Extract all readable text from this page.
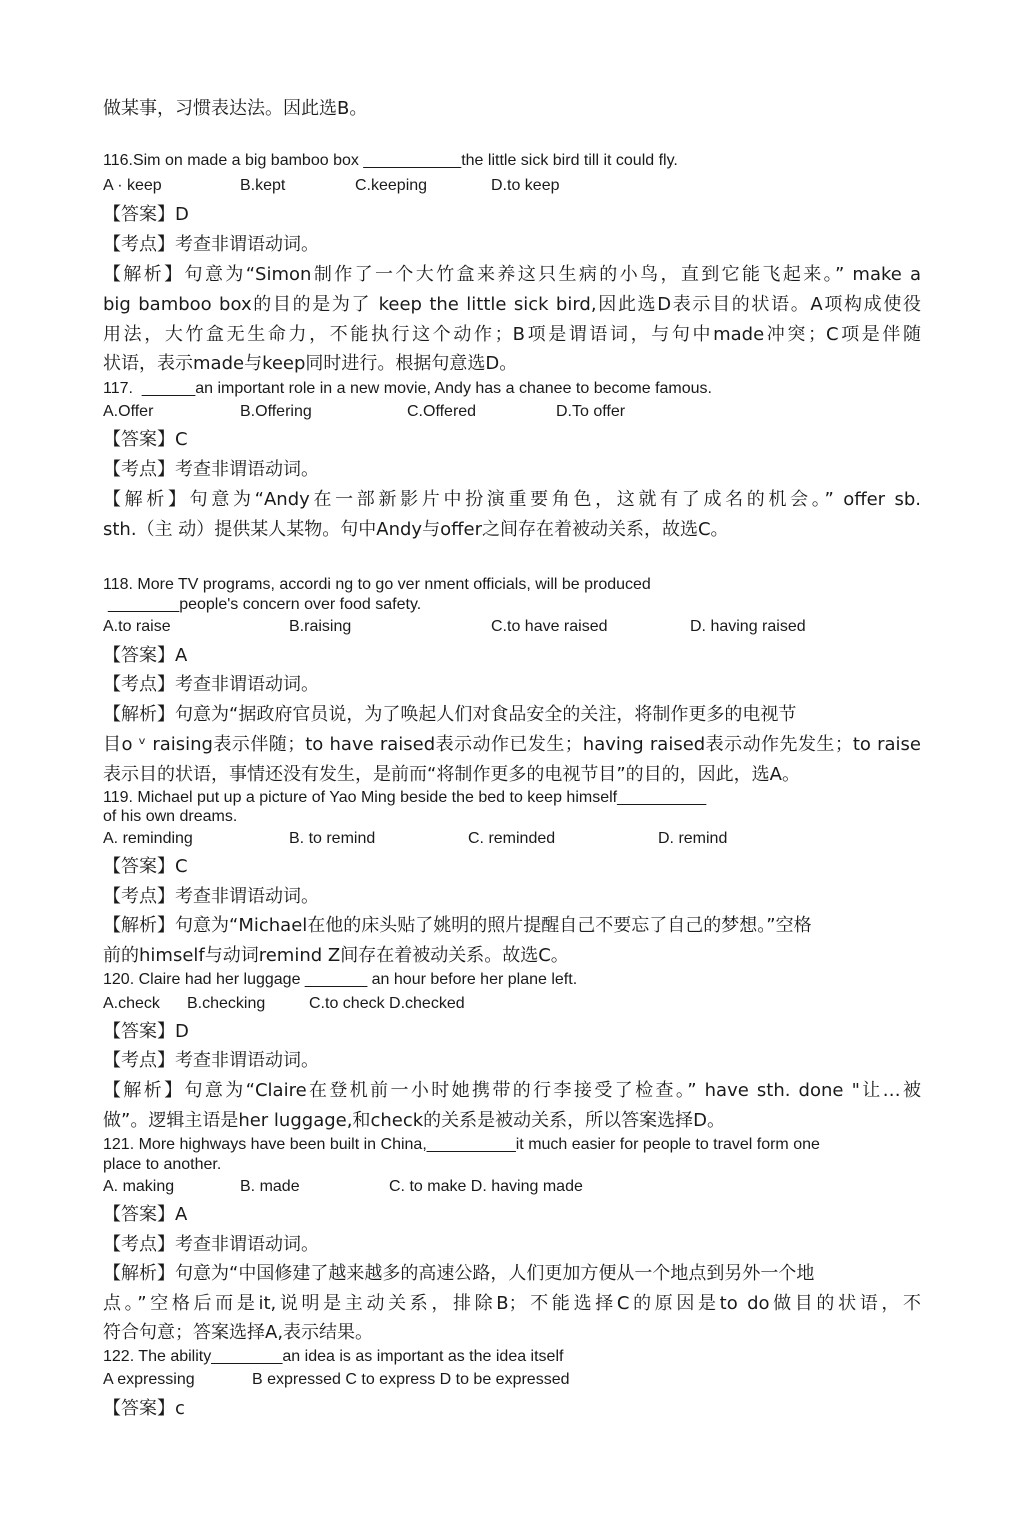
做某事，习惯表达法。因此选B。
116.Sim on made a big bamboo box ___________the little sick bird till it could fly.
A · keep	B.kept	C.keeping	D.to keep
【答案】D
【考点】考查非谓语动词。
【解析】句意为“Simon制作了一个大竹盒来养这只生病的小鸟，直到它能飞起来。” make a
big bamboo box的目的是为了 keep the little sick bird,因此选D表示目的状语。A项构成使役
用法，大竹盒无生命力，不能执行这个动作；B项是谓语词，与句中made冲突；C项是伴随
状语，表示made与keep同时进行。根据句意选D。
117.  ______an important role in a new movie, Andy has a chanee to become famous.
A.Offer	B.Offering	C.Offered	D.To offer
【答案】C
【考点】考查非谓语动词。
【解析】句意为“Andy在一部新影片中扮演重要角色，这就有了成名的机会。” offer sb.
sth.（主 动）提供某人某物。句中Andy与offer之间存在着被动关系，故选C。
118. More TV programs, accordi ng to go ver nment officials, will be produced
________people's concern over food safety.
A.to raise	B.raising	C.to have raised	D. having raised
【答案】A
【考点】考查非谓语动词。
【解析】句意为“据政府官员说，为了唤起人们对食品安全的关注，将制作更多的电视节
目o ᵛ raising表示伴随；to have raised表示动作已发生；having raised表示动作先发生；to raise
表示目的状语，事情还没有发生，是前而“将制作更多的电视节目”的目的，因此，选A。
119. Michael put up a picture of Yao Ming beside the bed to keep himself__________
of his own dreams.
A. reminding	B. to remind	C. reminded	D. remind
【答案】C
【考点】考查非谓语动词。
【解析】句意为“Michael在他的床头贴了姚明的照片提醒自己不要忘了自己的梦想。”空格
前的himself与动词remind Z间存在着被动关系。故选C。
120. Claire had her luggage _______ an hour before her plane left.
A.check B.checking	C.to check D.checked
【答案】D
【考点】考查非谓语动词。
【解析】句意为“Claire在登机前一小时她携带的行李接受了检查。” have sth. done "让…被
做”。逻辑主语是her luggage,和check的关系是被动关系，所以答案选择D。
121. More highways have been built in China,__________it much easier for people to travel form one
place to another.
A. making	B. made	C. to make D. having made
【答案】A
【考点】考查非谓语动词。
【解析】句意为“中国修建了越来越多的高速公路，人们更加方便从一个地点到另外一个地
点。”空格后而是it,说明是主动关系，排除B；不能选择C的原因是to do做目的状语，不
符合句意；答案选择A,表示结果。
122. The ability________an idea is as important as the idea itself
A expressing	B expressed C to express D to be expressed
【答案】c
